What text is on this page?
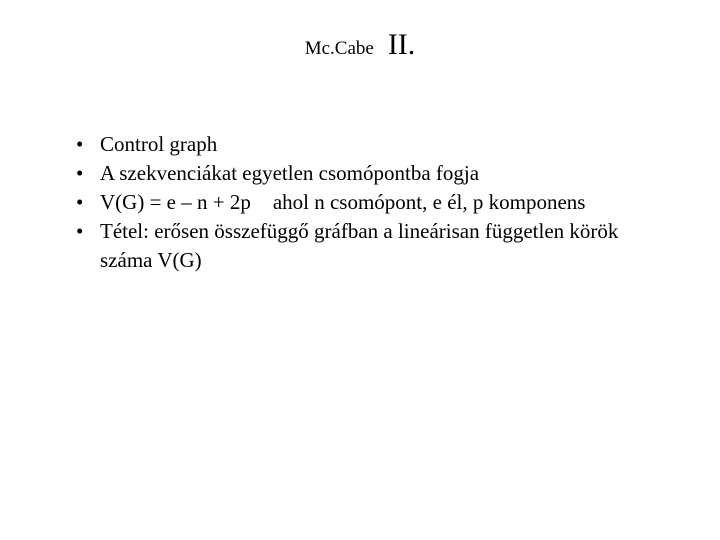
Mc.Cabe II.
• Control graph
• A szekvenciákat egyetlen csomópontba fogja
• V(G) = e – n + 2p ahol n csomópont, e él, p komponens
• Tétel: erősen összefüggő gráfban a lineárisan független körök száma V(G)
